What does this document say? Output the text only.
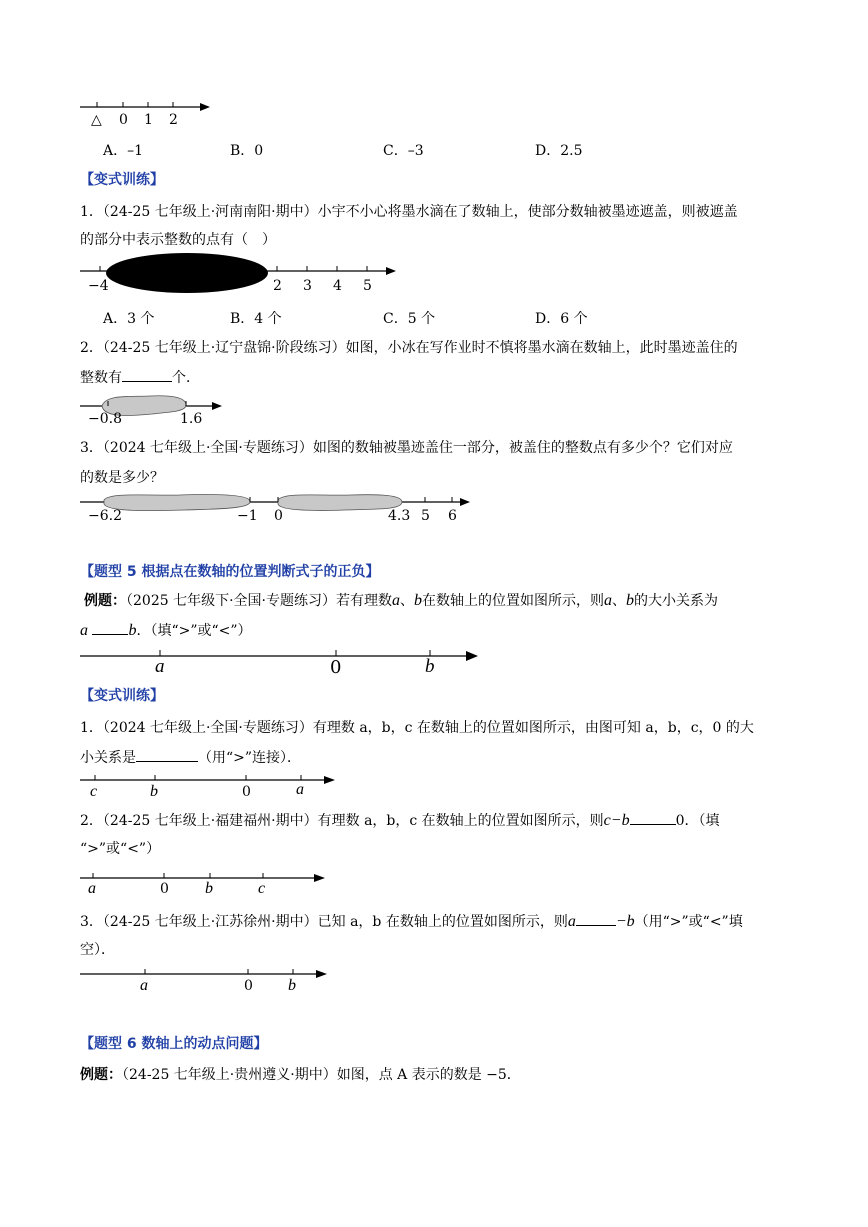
△ 0 1 2
A．–1	B．0	C．–3	D．2.5
【变式训练】
1．（24-25 七年级上·河南南阳·期中）小宇不小心将墨水滴在了数轴上，使部分数轴被墨迹遮盖，则被遮盖
的部分中表示整数的点有（　）
−4	2 3 4 5
A．3 个	B．4 个	C．5 个	D．6 个
2．（24-25 七年级上·辽宁盘锦·阶段练习）如图，小冰在写作业时不慎将墨水滴在数轴上，此时墨迹盖住的
整数有	个．
−0.8	1.6
3．（2024 七年级上·全国·专题练习）如图的数轴被墨迹盖住一部分，被盖住的整数点有多少个？它们对应
的数是多少？
−6.2	−1 0	4.3 5 6
【题型 5 根据点在数轴的位置判断式子的正负】
例题：（2025 七年级下·全国·专题练习）若有理数a、b在数轴上的位置如图所示，则a、b的大小关系为
a	b．（填“>”或“<”）
a	0	b
【变式训练】
1．（2024 七年级上·全国·专题练习）有理数 a，b，c 在数轴上的位置如图所示，由图可知 a，b，c，0 的大
小关系是	（用“>”连接）．
c	b	0	a
2．（24-25 七年级上·福建福州·期中）有理数 a，b，c 在数轴上的位置如图所示，则c−b	0．（填
“>”或“<”）
a	0 b	c
3．（24-25 七年级上·江苏徐州·期中）已知 a，b 在数轴上的位置如图所示，则a	−b（用“>”或“<”填
空）．
a	0 b
【题型 6 数轴上的动点问题】
例题：（24-25 七年级上·贵州遵义·期中）如图，点 A 表示的数是 −5．
